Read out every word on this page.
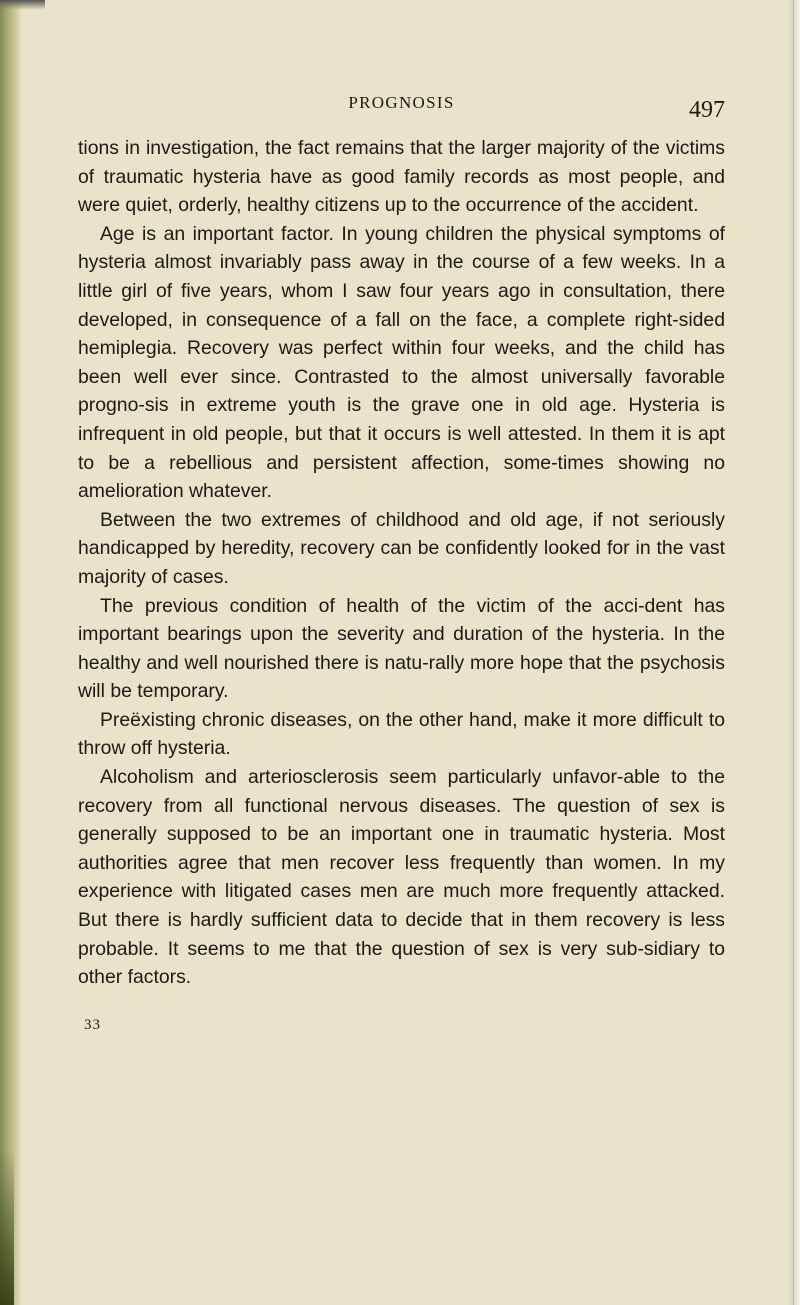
PROGNOSIS	497

tions in investigation, the fact remains that the larger majority of the victims of traumatic hysteria have as good family records as most people, and were quiet, orderly, healthy citizens up to the occurrence of the accident.

Age is an important factor. In young children the physical symptoms of hysteria almost invariably pass away in the course of a few weeks. In a little girl of five years, whom I saw four years ago in consultation, there developed, in consequence of a fall on the face, a complete right-sided hemiplegia. Recovery was perfect within four weeks, and the child has been well ever since. Contrasted to the almost universally favorable progno-sis in extreme youth is the grave one in old age. Hysteria is infrequent in old people, but that it occurs is well attested. In them it is apt to be a rebellious and persistent affection, some-times showing no amelioration whatever.

Between the two extremes of childhood and old age, if not seriously handicapped by heredity, recovery can be confidently looked for in the vast majority of cases.

The previous condition of health of the victim of the acci-dent has important bearings upon the severity and duration of the hysteria. In the healthy and well nourished there is natu-rally more hope that the psychosis will be temporary.

Preëxisting chronic diseases, on the other hand, make it more difficult to throw off hysteria.

Alcoholism and arteriosclerosis seem particularly unfavor-able to the recovery from all functional nervous diseases. The question of sex is generally supposed to be an important one in traumatic hysteria. Most authorities agree that men recover less frequently than women. In my experience with litigated cases men are much more frequently attacked. But there is hardly sufficient data to decide that in them recovery is less probable. It seems to me that the question of sex is very sub-sidiary to other factors.

33
